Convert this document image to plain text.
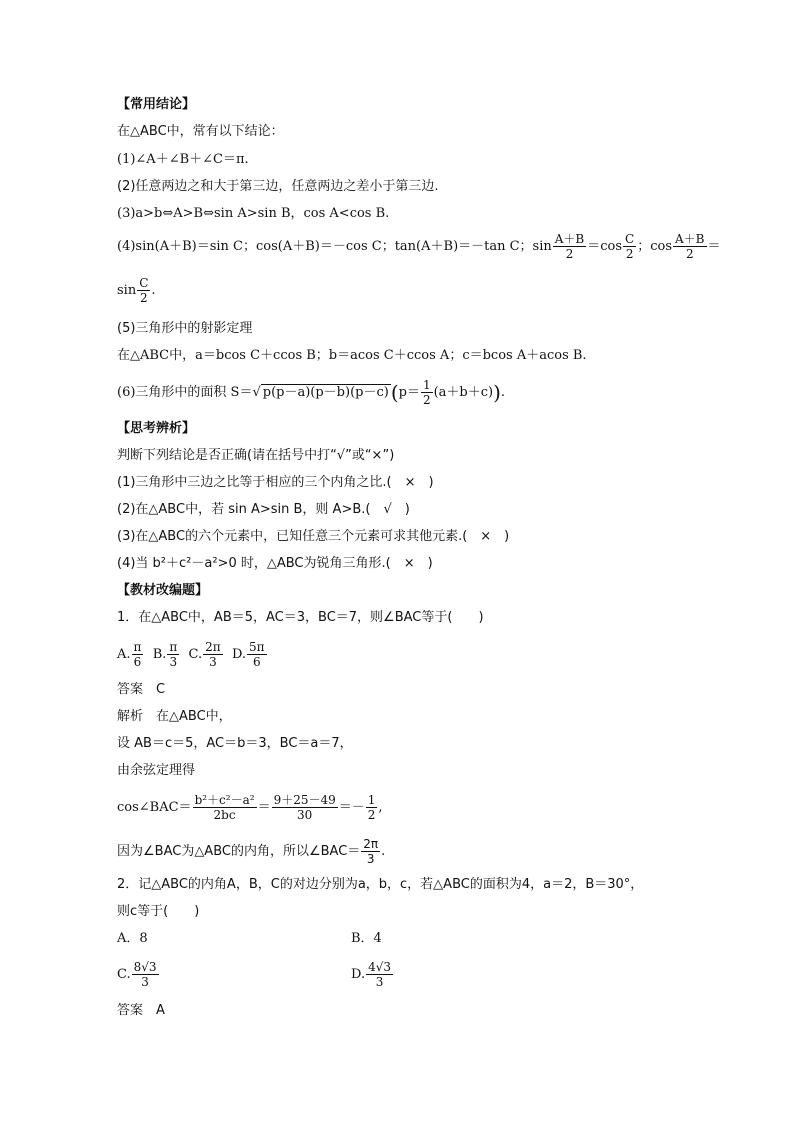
【常用结论】
在△ABC中，常有以下结论：
(1)∠A＋∠B＋∠C＝π.
(2)任意两边之和大于第三边，任意两边之差小于第三边.
(3)a>b⇔A>B⇔sin A>sin B，cos A<cos B.
(4)sin(A＋B)＝sin C；cos(A＋B)＝－cos C；tan(A＋B)＝－tan C；$\sin \frac{A+B}{2} =\cos \frac{C}{2}$ ；$\cos \frac{A+B}{2}$ ＝
$\sin \frac{C}{2}$ .
(5)三角形中的射影定理
在△ABC中，a＝bcos C＋ccos B；b＝acos C＋ccos A；c＝bcos A＋acos B.
(6)三角形中的面积 S＝√ p(p－a)(p－b)(p－c) $(p= \frac{1}{2} (a+b+c))$.
【思考辨析】
判断下列结论是否正确(请在括号中打“√”或“×”)
(1)三角形中三边之比等于相应的三个内角之比.(　×　)
(2)在△ABC中，若 sin A>sin B，则 A>B.(　√　)
(3)在△ABC的六个元素中，已知任意三个元素可求其他元素.(　×　)
(4)当 b²＋c²－a²>0 时，△ABC为锐角三角形.(　×　)
【教材改编题】
1．在△ABC中，AB＝5，AC＝3，BC＝7，则∠BAC等于(　　)
A. $\frac{\pi}{6} B$. $\frac{\pi}{3} C$. $\frac{2\pi}{3} D$. $\frac{5\pi}{6}$
答案　C
解析　在△ABC中，
设 AB＝c＝5，AC＝b＝3，BC＝a＝7，
由余弦定理得
cos∠BAC＝ $\frac{\text{b²＋c²－a²}}{2bc} = \frac{9+25-49}{30} =- \frac{1}{2}$ ,
因为∠BAC为△ABC的内角，所以∠BAC＝ $\frac{2\pi}{3}$ .
2．记△ABC的内角A，B，C的对边分别为a，b，c，若△ABC的面积为4，a＝2，B＝30°，
则c等于(　　)
A．8	B．4
C. $\frac{8√3}{3}$	D. $\frac{4√3}{3}$
答案　A
